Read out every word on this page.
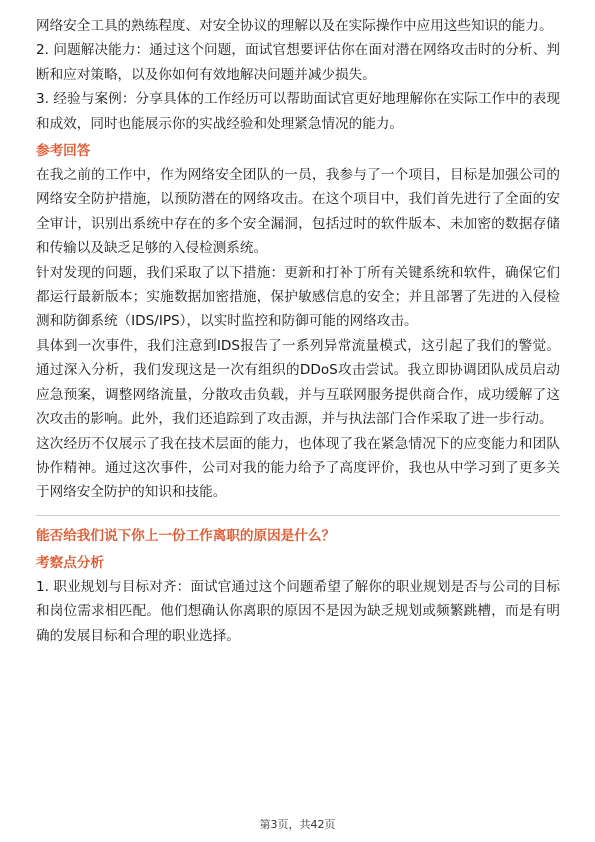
网络安全工具的熟练程度、对安全协议的理解以及在实际操作中应用这些知识的能力。

2. 问题解决能力：通过这个问题，面试官想要评估你在面对潜在网络攻击时的分析、判断和应对策略，以及你如何有效地解决问题并减少损失。

3. 经验与案例：分享具体的工作经历可以帮助面试官更好地理解你在实际工作中的表现和成效，同时也能展示你的实战经验和处理紧急情况的能力。

参考回答

在我之前的工作中，作为网络安全团队的一员，我参与了一个项目，目标是加强公司的网络安全防护措施，以预防潜在的网络攻击。在这个项目中，我们首先进行了全面的安全审计，识别出系统中存在的多个安全漏洞，包括过时的软件版本、未加密的数据存储和传输以及缺乏足够的入侵检测系统。

针对发现的问题，我们采取了以下措施：更新和打补丁所有关键系统和软件，确保它们都运行最新版本；实施数据加密措施，保护敏感信息的安全；并且部署了先进的入侵检测和防御系统（IDS/IPS），以实时监控和防御可能的网络攻击。

具体到一次事件，我们注意到IDS报告了一系列异常流量模式，这引起了我们的警觉。通过深入分析，我们发现这是一次有组织的DDoS攻击尝试。我立即协调团队成员启动应急预案，调整网络流量，分散攻击负载，并与互联网服务提供商合作，成功缓解了这次攻击的影响。此外，我们还追踪到了攻击源，并与执法部门合作采取了进一步行动。

这次经历不仅展示了我在技术层面的能力，也体现了我在紧急情况下的应变能力和团队协作精神。通过这次事件，公司对我的能力给予了高度评价，我也从中学习到了更多关于网络安全防护的知识和技能。

能否给我们说下你上一份工作离职的原因是什么？
考察点分析

1. 职业规划与目标对齐：面试官通过这个问题希望了解你的职业规划是否与公司的目标和岗位需求相匹配。他们想确认你离职的原因不是因为缺乏规划或频繁跳槽，而是有明确的发展目标和合理的职业选择。

第3页，共42页
